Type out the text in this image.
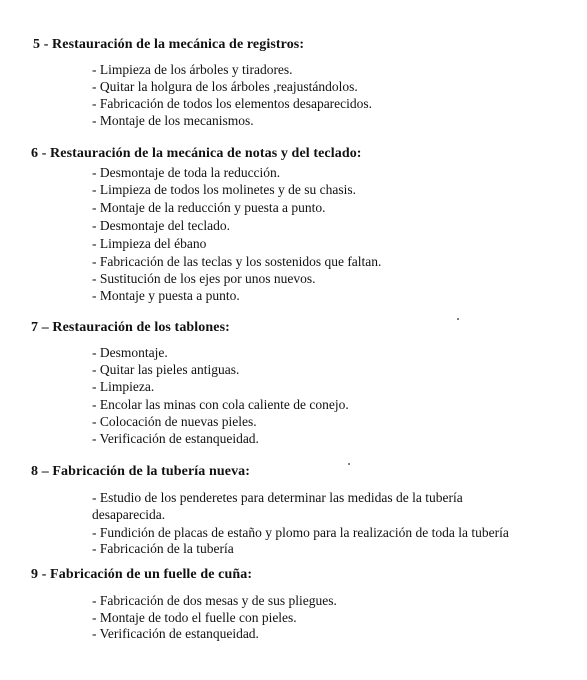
5 - Restauración de la mecánica de registros:
- Limpieza de los árboles y tiradores.
- Quitar la holgura de los árboles ,reajustándolos.
- Fabricación de todos los elementos desaparecidos.
- Montaje de los mecanismos.
6 - Restauración de la mecánica de notas y del teclado:
- Desmontaje de toda la reducción.
- Limpieza de todos los molinetes y de su chasis.
- Montaje de la reducción y puesta a punto.
- Desmontaje del teclado.
- Limpieza del ébano
- Fabricación de las teclas y los sostenidos que faltan.
- Sustitución de los ejes por unos nuevos.
- Montaje y puesta a punto.
7 – Restauración de los tablones:
- Desmontaje.
- Quitar las pieles antiguas.
- Limpieza.
- Encolar las minas con cola caliente de conejo.
- Colocación de nuevas pieles.
- Verificación de estanqueidad.
8 – Fabricación de la tubería nueva:
- Estudio de los penderetes para determinar las medidas de la tubería
desaparecida.
- Fundición de placas de estaño y plomo para la realización de toda la tubería
- Fabricación de la tubería
9 - Fabricación de un fuelle de cuña:
- Fabricación de dos mesas y de sus pliegues.
- Montaje de todo el fuelle con pieles.
- Verificación de estanqueidad.
